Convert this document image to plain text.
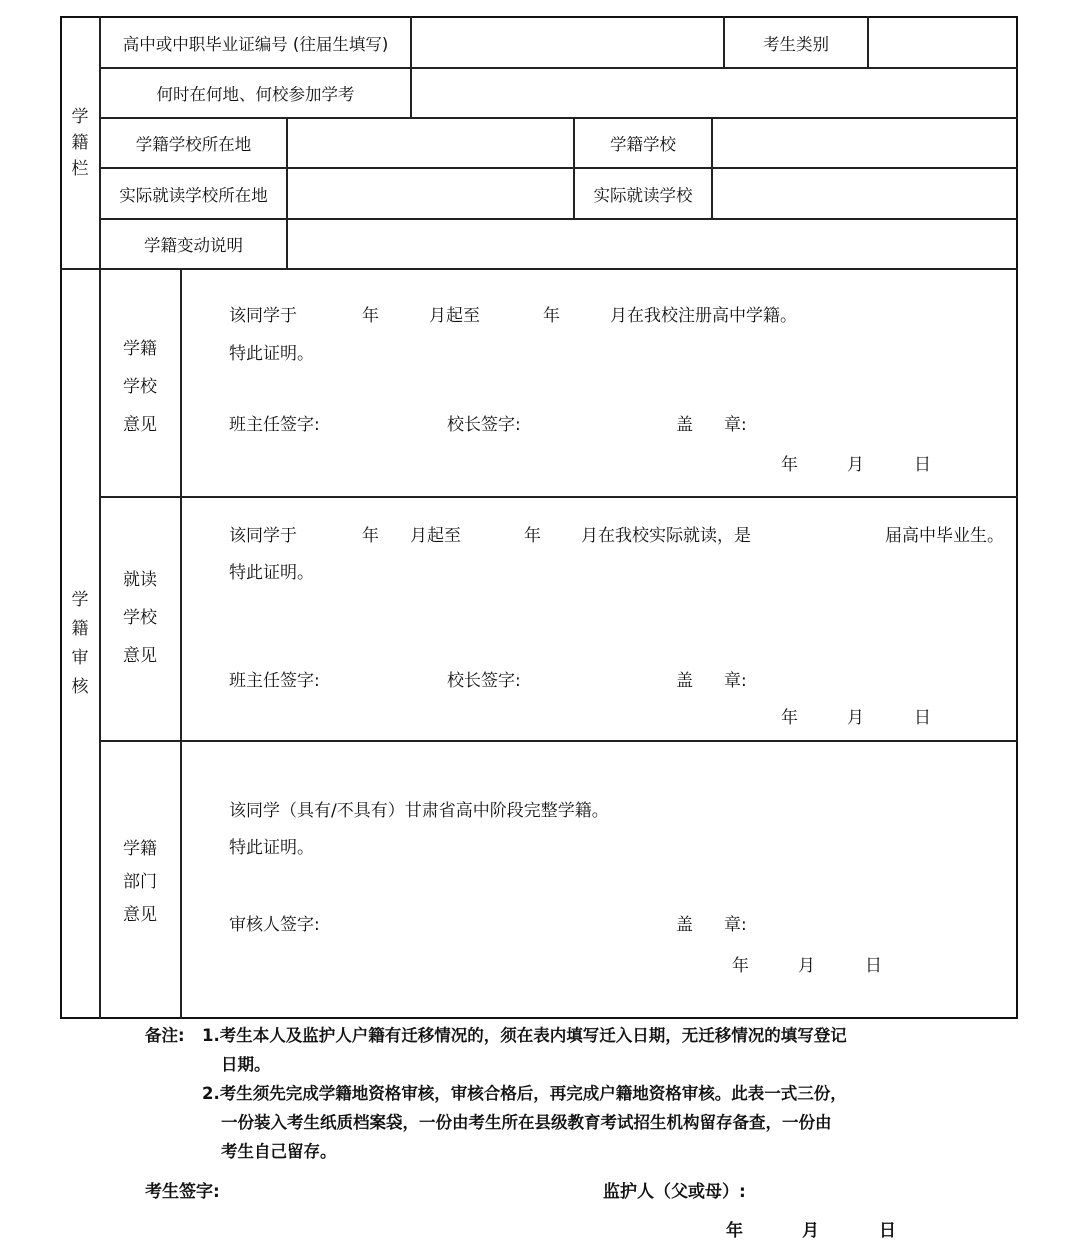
学
籍
栏
高中或中职毕业证编号 (往届生填写)	考生类别
何时在何地、何校参加学考
学籍学校所在地	学籍学校
实际就读学校所在地	实际就读学校
学籍变动说明
学
籍
审
核
学籍
学校
意见
该同学于	年	月起至	年	月在我校注册高中学籍。
特此证明。
班主任签字:	校长签字:	盖 章:
年	月	日
就读
学校
意见
该同学于	年 月起至	年 月在我校实际就读，是	届高中毕业生。
特此证明。
班主任签字:	校长签字:	盖 章:
年	月	日
学籍
部门
意见
该同学（具有/不具有）甘肃省高中阶段完整学籍。
特此证明。
审核人签字:	盖 章:
年	月	日
备注: 1.考生本人及监护人户籍有迁移情况的，须在表内填写迁入日期，无迁移情况的填写登记
日期。
2.考生须先完成学籍地资格审核，审核合格后，再完成户籍地资格审核。此表一式三份，
一份装入考生纸质档案袋，一份由考生所在县级教育考试招生机构留存备查，一份由
考生自己留存。
考生签字:	监护人（父或母）:
年	月	日
